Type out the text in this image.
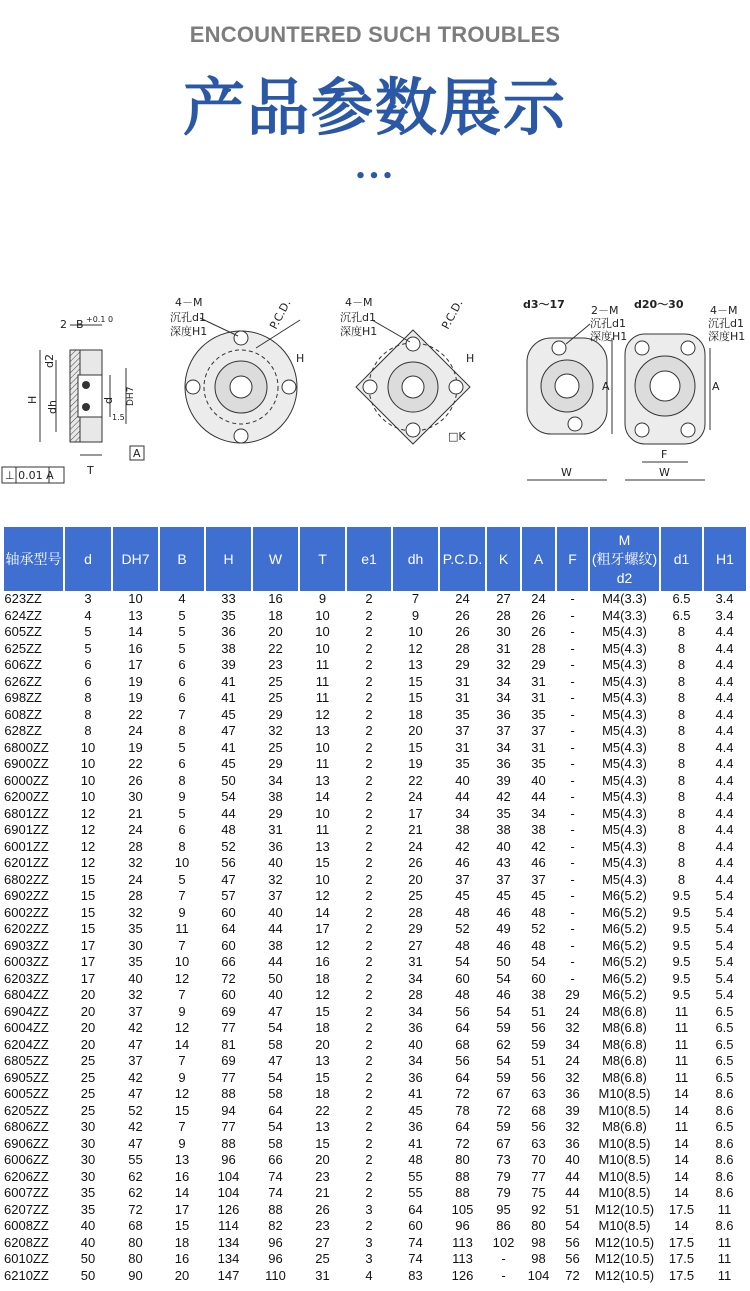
ENCOUNTERED SUCH TROUBLES
产品参数展示
•••
2 B +0.1 0
d2
H
dh	d DH7
1.5
T
A
⊥ 0.01 A
4－M
沉孔d1
深度H1
P.C.D.
H
4－M
沉孔d1
深度H1
P.C.D.
H
□K
d3～17 2－M
沉孔d1
深度H1
A
W
d20～30 4－M
沉孔d1
深度H1
A
F
W
轴承型号	d	DH7	B	H	W	T	e1	dh	P.C.D.	K	A	F	M
(粗牙螺纹)
d2	d1	H1
623ZZ	3	10	4	33	16	9	2	7	24	27	24	-	M4(3.3)	6.5	3.4
624ZZ	4	13	5	35	18	10	2	9	26	28	26	-	M4(3.3)	6.5	3.4
605ZZ	5	14	5	36	20	10	2	10	26	30	26	-	M5(4.3)	8	4.4
625ZZ	5	16	5	38	22	10	2	12	28	31	28	-	M5(4.3)	8	4.4
606ZZ	6	17	6	39	23	11	2	13	29	32	29	-	M5(4.3)	8	4.4
626ZZ	6	19	6	41	25	11	2	15	31	34	31	-	M5(4.3)	8	4.4
698ZZ	8	19	6	41	25	11	2	15	31	34	31	-	M5(4.3)	8	4.4
608ZZ	8	22	7	45	29	12	2	18	35	36	35	-	M5(4.3)	8	4.4
628ZZ	8	24	8	47	32	13	2	20	37	37	37	-	M5(4.3)	8	4.4
6800ZZ	10	19	5	41	25	10	2	15	31	34	31	-	M5(4.3)	8	4.4
6900ZZ	10	22	6	45	29	11	2	19	35	36	35	-	M5(4.3)	8	4.4
6000ZZ	10	26	8	50	34	13	2	22	40	39	40	-	M5(4.3)	8	4.4
6200ZZ	10	30	9	54	38	14	2	24	44	42	44	-	M5(4.3)	8	4.4
6801ZZ	12	21	5	44	29	10	2	17	34	35	34	-	M5(4.3)	8	4.4
6901ZZ	12	24	6	48	31	11	2	21	38	38	38	-	M5(4.3)	8	4.4
6001ZZ	12	28	8	52	36	13	2	24	42	40	42	-	M5(4.3)	8	4.4
6201ZZ	12	32	10	56	40	15	2	26	46	43	46	-	M5(4.3)	8	4.4
6802ZZ	15	24	5	47	32	10	2	20	37	37	37	-	M5(4.3)	8	4.4
6902ZZ	15	28	7	57	37	12	2	25	45	45	45	-	M6(5.2)	9.5	5.4
6002ZZ	15	32	9	60	40	14	2	28	48	46	48	-	M6(5.2)	9.5	5.4
6202ZZ	15	35	11	64	44	17	2	29	52	49	52	-	M6(5.2)	9.5	5.4
6903ZZ	17	30	7	60	38	12	2	27	48	46	48	-	M6(5.2)	9.5	5.4
6003ZZ	17	35	10	66	44	16	2	31	54	50	54	-	M6(5.2)	9.5	5.4
6203ZZ	17	40	12	72	50	18	2	34	60	54	60	-	M6(5.2)	9.5	5.4
6804ZZ	20	32	7	60	40	12	2	28	48	46	38	29	M6(5.2)	9.5	5.4
6904ZZ	20	37	9	69	47	15	2	34	56	54	51	24	M8(6.8)	11	6.5
6004ZZ	20	42	12	77	54	18	2	36	64	59	56	32	M8(6.8)	11	6.5
6204ZZ	20	47	14	81	58	20	2	40	68	62	59	34	M8(6.8)	11	6.5
6805ZZ	25	37	7	69	47	13	2	34	56	54	51	24	M8(6.8)	11	6.5
6905ZZ	25	42	9	77	54	15	2	36	64	59	56	32	M8(6.8)	11	6.5
6005ZZ	25	47	12	88	58	18	2	41	72	67	63	36	M10(8.5)	14	8.6
6205ZZ	25	52	15	94	64	22	2	45	78	72	68	39	M10(8.5)	14	8.6
6806ZZ	30	42	7	77	54	13	2	36	64	59	56	32	M8(6.8)	11	6.5
6906ZZ	30	47	9	88	58	15	2	41	72	67	63	36	M10(8.5)	14	8.6
6006ZZ	30	55	13	96	66	20	2	48	80	73	70	40	M10(8.5)	14	8.6
6206ZZ	30	62	16	104	74	23	2	55	88	79	77	44	M10(8.5)	14	8.6
6007ZZ	35	62	14	104	74	21	2	55	88	79	75	44	M10(8.5)	14	8.6
6207ZZ	35	72	17	126	88	26	3	64	105	95	92	51	M12(10.5)	17.5	11
6008ZZ	40	68	15	114	82	23	2	60	96	86	80	54	M10(8.5)	14	8.6
6208ZZ	40	80	18	134	96	27	3	74	113	102	98	56	M12(10.5)	17.5	11
6010ZZ	50	80	16	134	96	25	3	74	113	-	98	56	M12(10.5)	17.5	11
6210ZZ	50	90	20	147	110	31	4	83	126	-	104	72	M12(10.5)	17.5	11
